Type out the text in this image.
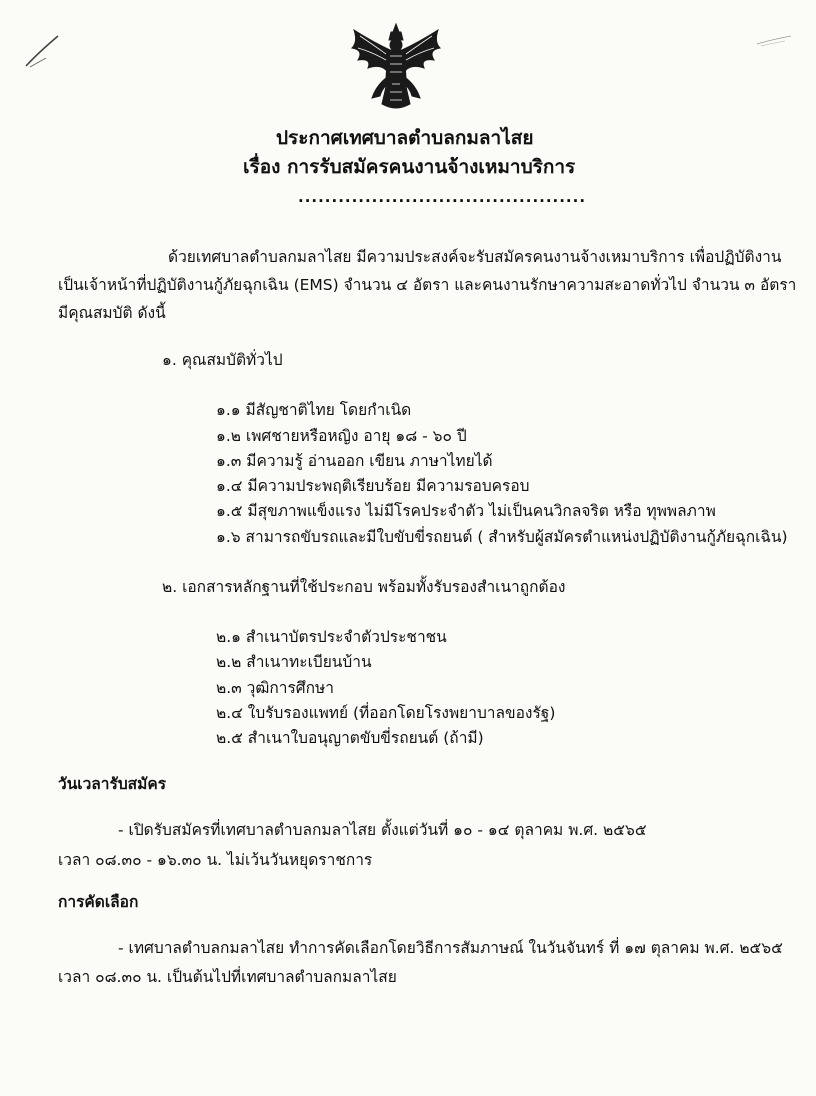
ประกาศเทศบาลตำบลกมลาไสย
เรื่อง การรับสมัครคนงานจ้างเหมาบริการ
...........................................
ด้วยเทศบาลตำบลกมลาไสย มีความประสงค์จะรับสมัครคนงานจ้างเหมาบริการ เพื่อปฏิบัติงาน
เป็นเจ้าหน้าที่ปฏิบัติงานกู้ภัยฉุกเฉิน (EMS) จำนวน ๔ อัตรา และคนงานรักษาความสะอาดทั่วไป จำนวน ๓ อัตรา
มีคุณสมบัติ ดังนี้
๑. คุณสมบัติทั่วไป
๑.๑ มีสัญชาติไทย โดยกำเนิด
๑.๒ เพศชายหรือหญิง อายุ ๑๘ - ๖๐ ปี
๑.๓ มีความรู้ อ่านออก เขียน ภาษาไทยได้
๑.๔ มีความประพฤติเรียบร้อย มีความรอบครอบ
๑.๕ มีสุขภาพแข็งแรง ไม่มีโรคประจำตัว ไม่เป็นคนวิกลจริต หรือ ทุพพลภาพ
๑.๖ สามารถขับรถและมีใบขับขี่รถยนต์ ( สำหรับผู้สมัครตำแหน่งปฏิบัติงานกู้ภัยฉุกเฉิน)
๒. เอกสารหลักฐานที่ใช้ประกอบ พร้อมทั้งรับรองสำเนาถูกต้อง
๒.๑ สำเนาบัตรประจำตัวประชาชน
๒.๒ สำเนาทะเบียนบ้าน
๒.๓ วุฒิการศึกษา
๒.๔ ใบรับรองแพทย์ (ที่ออกโดยโรงพยาบาลของรัฐ)
๒.๕ สำเนาใบอนุญาตขับขี่รถยนต์ (ถ้ามี)
วันเวลารับสมัคร
- เปิดรับสมัครที่เทศบาลตำบลกมลาไสย ตั้งแต่วันที่ ๑๐ - ๑๔ ตุลาคม พ.ศ. ๒๕๖๕
เวลา ๐๘.๓๐ - ๑๖.๓๐ น. ไม่เว้นวันหยุดราชการ
การคัดเลือก
- เทศบาลตำบลกมลาไสย ทำการคัดเลือกโดยวิธีการสัมภาษณ์ ในวันจันทร์ ที่ ๑๗ ตุลาคม พ.ศ. ๒๕๖๕
เวลา ๐๘.๓๐ น. เป็นต้นไปที่เทศบาลตำบลกมลาไสย
